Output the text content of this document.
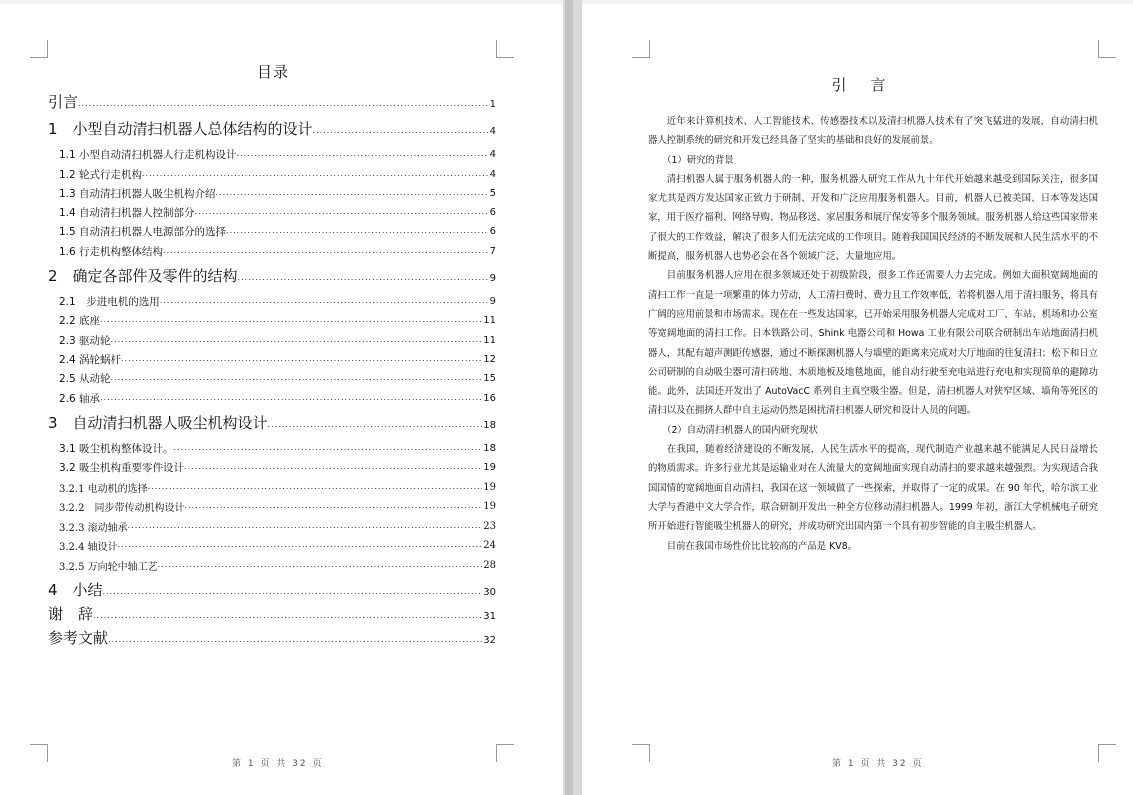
目录
引言 .....	1
1　小型自动清扫机器人总体结构的设计 .....	4
1.1 小型自动清扫机器人行走机构设计 .....	4
1.2 轮式行走机构 .....	4
1.3 自动清扫机器人吸尘机构介绍 .....	5
1.4 自动清扫机器人控制部分 .....	6
1.5 自动清扫机器人电源部分的选择 .....	6
1.6 行走机构整体结构 .....	7
2　确定各部件及零件的结构 .....	9
2.1　步进电机的选用 .....	9
2.2 底座 .....	11
2.3 驱动轮 .....	11
2.4 涡轮蜗杆 .....	12
2.5 从动轮 .....	15
2.6 轴承 .....	16
3　自动清扫机器人吸尘机构设计 .....	18
3.1 吸尘机构整体设计。 .....	18
3.2 吸尘机构重要零件设计 .....	19
3.2.1 电动机的选择 .....	19
3.2.2　同步带传动机构设计 .....	19
3.2.3 滚动轴承 .....	23
3.2.4 轴设计 .....	24
3.2.5 万向轮中轴工艺 .....	28
4　小结 .....	30
谢　辞 .....	31
参考文献 .....	32
第 1 页 共 32 页
引言

近年来计算机技术、人工智能技术、传感器技术以及清扫机器人技术有了突飞猛进的发展，自动清扫机器人控制系统的研究和开发已经具备了坚实的基础和良好的发展前景。

（1）研究的背景

清扫机器人属于服务机器人的一种，服务机器人研究工作从九十年代开始越来越受到国际关注，很多国家尤其是西方发达国家正致力于研制、开发和广泛应用服务机器人。目前，机器人已被美国、日本等发达国家，用于医疗福利、网络导购、物品移送、家居服务和展厅保安等多个服务领域。服务机器人给这些国家带来了很大的工作效益，解决了很多人们无法完成的工作项目。随着我国国民经济的不断发展和人民生活水平的不断提高，服务机器人也势必会在各个领域广泛、大量地应用。

目前服务机器人应用在很多领域还处于初级阶段，很多工作还需要人力去完成。例如大面积宽阔地面的清扫工作一直是一项繁重的体力劳动，人工清扫费时、费力且工作效率低，若将机器人用于清扫服务，将具有广阔的应用前景和市场需求。现在在一些发达国家，已开始采用服务机器人完成对工厂、车站、机场和办公室等宽阔地面的清扫工作。日本铁路公司、Shink 电器公司和 Howa 工业有限公司联合研制出车站地面清扫机器人，其配有超声测距传感器，通过不断探测机器人与墙壁的距离来完成对大厅地面的往复清扫；松下和日立公司研制的自动吸尘器可清扫砖地、木质地板及地毯地面，能自动行驶至充电站进行充电和实现简单的避障功能。此外，法国还开发出了 AutoVacC 系列自主真空吸尘器。但是，清扫机器人对狭窄区域、墙角等死区的清扫以及在拥挤人群中自主运动仍然是困扰清扫机器人研究和设计人员的问题。

（2）自动清扫机器人的国内研究现状

在我国，随着经济建设的不断发展，人民生活水平的提高，现代制造产业越来越不能满足人民日益增长的物质需求。许多行业尤其是运输业对在人流量大的宽阔地面实现自动清扫的要求越来越强烈。为实现适合我国国情的宽阔地面自动清扫，我国在这一领域做了一些探索，并取得了一定的成果。在 90 年代，哈尔滨工业大学与香港中文大学合作，联合研制开发出一种全方位移动清扫机器人。1999 年初，浙江大学机械电子研究所开始进行智能吸尘机器人的研究，并成功研究出国内第一个具有初步智能的自主吸尘机器人。

目前在我国市场性价比比较高的产品是 KV8。

第 1 页 共 32 页
